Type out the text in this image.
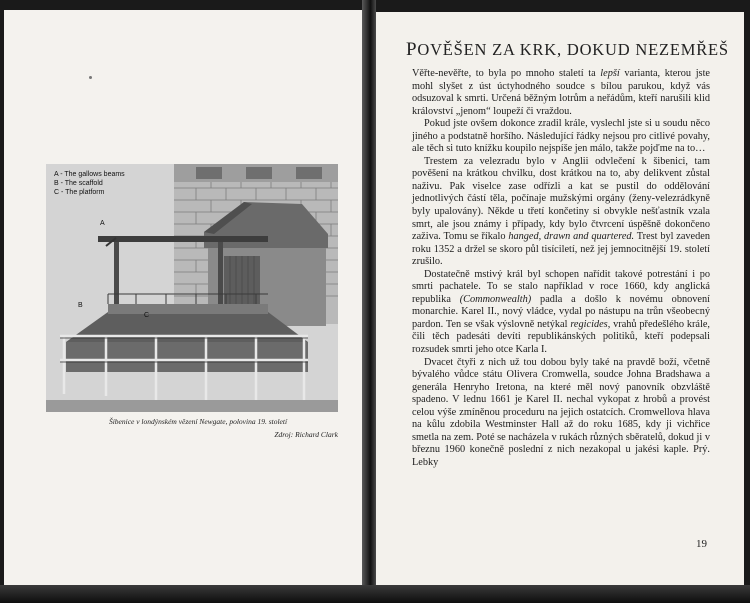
A - The gallows beams
B - The scaffold
C - The platform
A
B
C
Šibenice v londýnském vězení Newgate, polovina 19. století
Zdroj: Richard Clark
POVĚŠEN ZA KRK, DOKUD NEZEMŘEŠ

Věřte-nevěřte, to byla po mnoho staletí ta lepší varianta, kterou jste mohl slyšet z úst úctyhodného soudce s bílou parukou, když vás odsuzoval k smrti. Určená běžným lotrům a neřádům, kteří narušili klid království „jenom“ loupeží či vraždou.

Pokud jste ovšem dokonce zradil krále, vyslechl jste si u soudu něco jiného a podstatně horšího. Následující řádky nejsou pro citlivé povahy, ale těch si tuto knížku koupilo nejspíše jen málo, takže pojďme na to…

Trestem za velezradu bylo v Anglii odvlečení k šibenici, tam pověšení na krátkou chvilku, dost krátkou na to, aby delikvent zůstal naživu. Pak viselce zase odřízli a kat se pustil do oddělování jednotlivých částí těla, počínaje mužskými orgány (ženy-velezrádkyně byly upalovány). Někde u třetí končetiny si obvykle nešťastník vzala smrt, ale jsou známy i případy, kdy bylo čtvrcení úspěšně dokončeno zaživa. Tomu se říkalo hanged, drawn and quartered. Trest byl zaveden roku 1352 a držel se skoro půl tisíciletí, než jej jemnocitnější 19. století zrušilo.

Dostatečně mstivý král byl schopen nařídit takové potrestání i po smrti pachatele. To se stalo například v roce 1660, kdy anglická republika (Commonwealth) padla a došlo k novému obnovení monarchie. Karel II., nový vládce, vydal po nástupu na trůn všeobecný pardon. Ten se však výslovně netýkal regicides, vrahů předešlého krále, čili těch padesáti devíti republikánských politiků, kteří podepsali rozsudek smrti jeho otce Karla I.

Dvacet čtyři z nich už tou dobou byly také na pravdě boží, včetně bývalého vůdce státu Olivera Cromwella, soudce Johna Bradshawa a generála Henryho Iretona, na které měl nový panovník obzvláště spadeno. V lednu 1661 je Karel II. nechal vykopat z hrobů a provést celou výše zmíněnou proceduru na jejich ostatcích. Cromwellova hlava na kůlu zdobila Westminster Hall až do roku 1685, kdy ji vichřice smetla na zem. Poté se nacházela v rukách různých sběratelů, dokud ji v březnu 1960 konečně poslední z nich nezakopal u jakési kaple. Prý. Lebky

19
